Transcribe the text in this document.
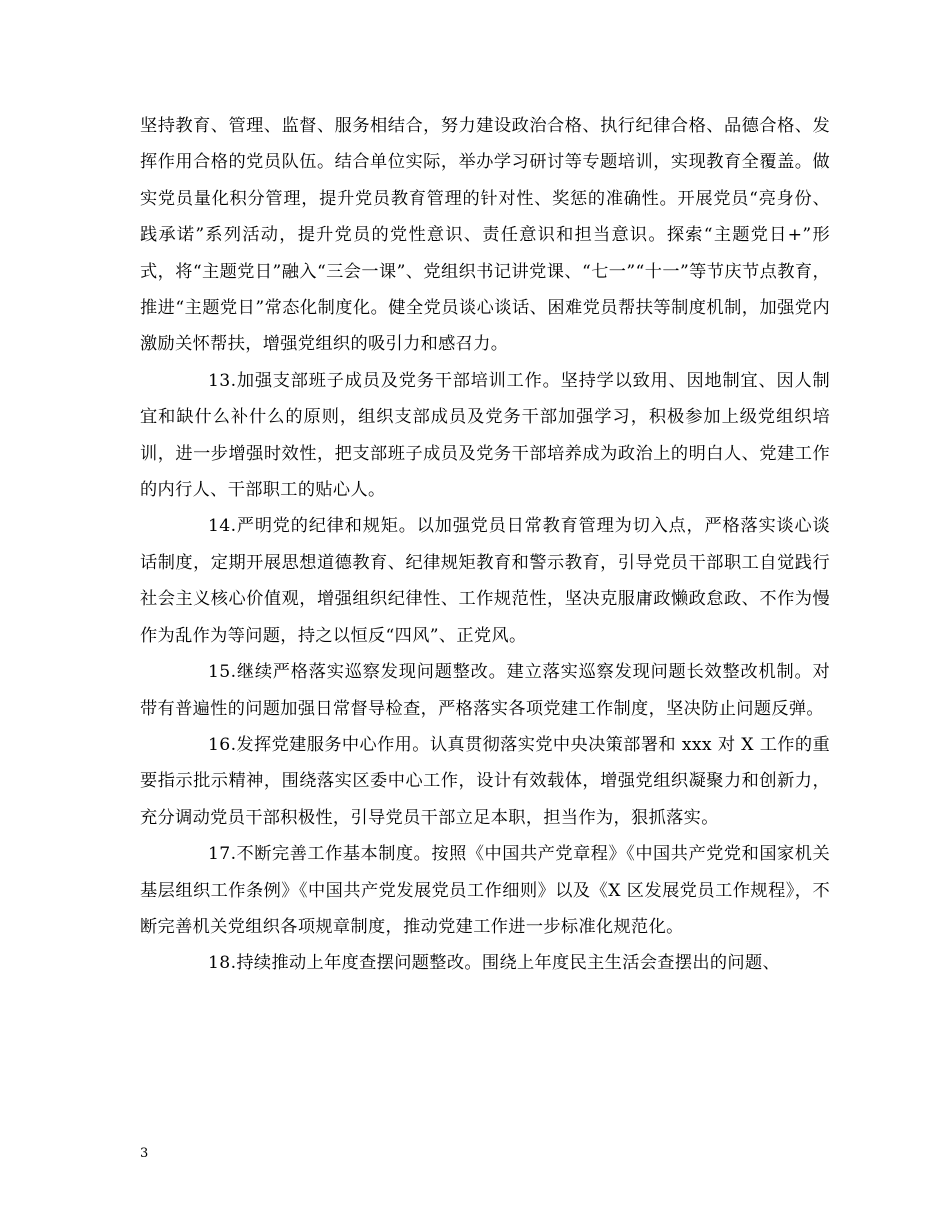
坚持教育、管理、监督、服务相结合，努力建设政治合格、执行纪律合格、品德合格、发挥作用合格的党员队伍。结合单位实际，举办学习研讨等专题培训，实现教育全覆盖。做实党员量化积分管理，提升党员教育管理的针对性、奖惩的准确性。开展党员“亮身份、践承诺”系列活动，提升党员的党性意识、责任意识和担当意识。探索“主题党日+”形式，将“主题党日”融入“三会一课”、党组织书记讲党课、“七一”“十一”等节庆节点教育，推进“主题党日”常态化制度化。健全党员谈心谈话、困难党员帮扶等制度机制，加强党内激励关怀帮扶，增强党组织的吸引力和感召力。

13.加强支部班子成员及党务干部培训工作。坚持学以致用、因地制宜、因人制宜和缺什么补什么的原则，组织支部成员及党务干部加强学习，积极参加上级党组织培训，进一步增强时效性，把支部班子成员及党务干部培养成为政治上的明白人、党建工作的内行人、干部职工的贴心人。

14.严明党的纪律和规矩。以加强党员日常教育管理为切入点，严格落实谈心谈话制度，定期开展思想道德教育、纪律规矩教育和警示教育，引导党员干部职工自觉践行社会主义核心价值观，增强组织纪律性、工作规范性，坚决克服庸政懒政怠政、不作为慢作为乱作为等问题，持之以恒反“四风”、正党风。

15.继续严格落实巡察发现问题整改。建立落实巡察发现问题长效整改机制。对带有普遍性的问题加强日常督导检查，严格落实各项党建工作制度，坚决防止问题反弹。

16.发挥党建服务中心作用。认真贯彻落实党中央决策部署和 xxx 对 X 工作的重要指示批示精神，围绕落实区委中心工作，设计有效载体，增强党组织凝聚力和创新力，充分调动党员干部积极性，引导党员干部立足本职，担当作为，狠抓落实。

17.不断完善工作基本制度。按照《中国共产党章程》《中国共产党党和国家机关基层组织工作条例》《中国共产党发展党员工作细则》以及《X 区发展党员工作规程》，不断完善机关党组织各项规章制度，推动党建工作进一步标准化规范化。

18.持续推动上年度查摆问题整改。围绕上年度民主生活会查摆出的问题、

3
